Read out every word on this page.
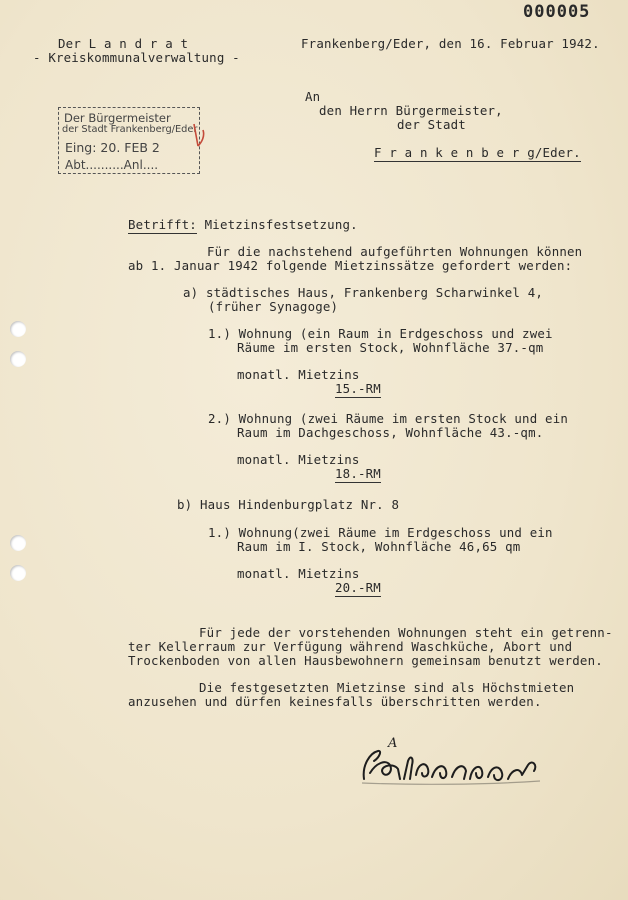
000005
Der L a n d r a t
- Kreiskommunalverwaltung -
Frankenberg/Eder, den 16. Februar 1942.
An
den Herrn Bürgermeister,
der Stadt
F r a n k e n b e r g/Eder.
Der Bürgermeister
der Stadt Frankenberg/Eder
Eing: 20. FEB 2
Abt..........Anl....
Betrifft: Mietzinsfestsetzung.
Für die nachstehend aufgeführten Wohnungen können
ab 1. Januar 1942 folgende Mietzinssätze gefordert werden:
a) städtisches Haus, Frankenberg Scharwinkel 4,
(früher Synagoge)
1.) Wohnung (ein Raum in Erdgeschoss und zwei
Räume im ersten Stock, Wohnfläche 37.-qm
monatl. Mietzins
15.-RM
2.) Wohnung (zwei Räume im ersten Stock und ein
Raum im Dachgeschoss, Wohnfläche 43.-qm.
monatl. Mietzins
18.-RM
b) Haus Hindenburgplatz Nr. 8
1.) Wohnung(zwei Räume im Erdgeschoss und ein
Raum im I. Stock, Wohnfläche 46,65 qm
monatl. Mietzins
20.-RM
Für jede der vorstehenden Wohnungen steht ein getrenn-
ter Kellerraum zur Verfügung während Waschküche, Abort und
Trockenboden von allen Hausbewohnern gemeinsam benutzt werden.
Die festgesetzten Mietzinse sind als Höchstmieten
anzusehen und dürfen keinesfalls überschritten werden.
A
